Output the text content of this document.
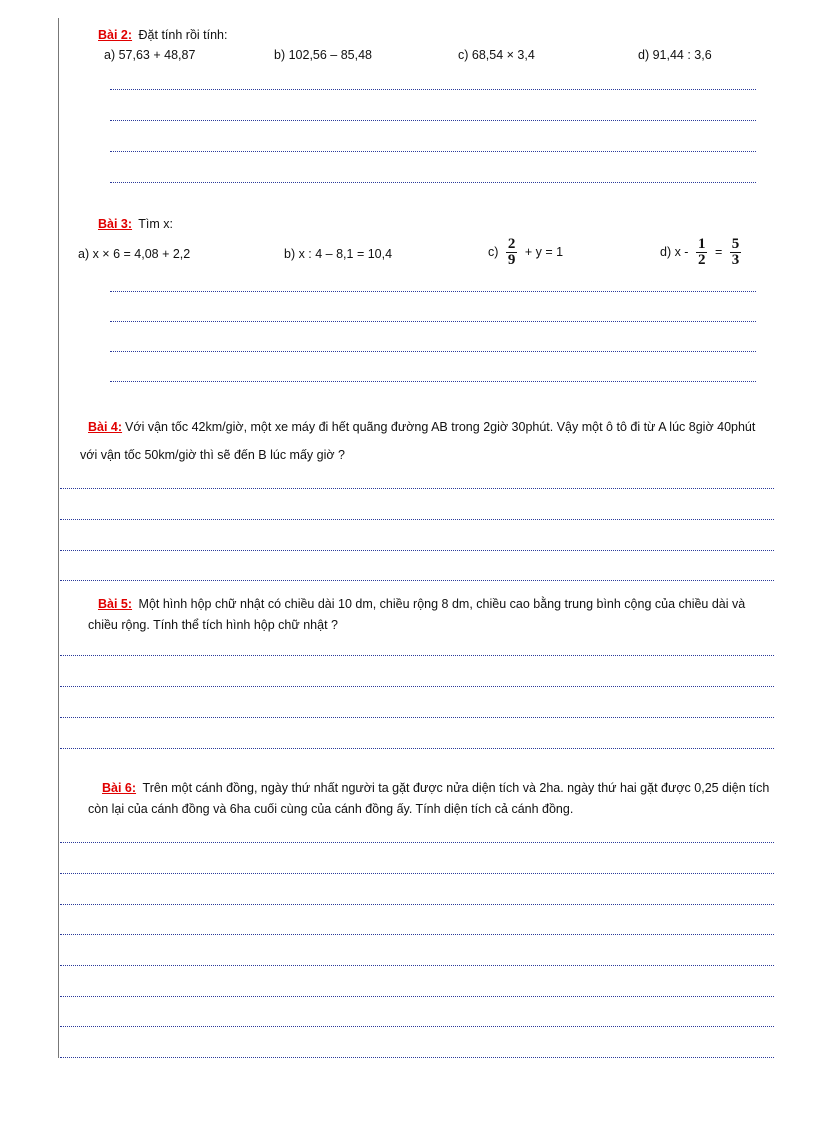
Bài 2: Đặt tính rồi tính:
a) 57,63 + 48,87	b) 102,56 – 85,48	c) 68,54 × 3,4	d) 91,44 : 3,6
Bài 3: Tìm x:
a) x × 6 = 4,08 + 2,2	b) x : 4 – 8,1 = 10,4	$c) \frac{2}{9} + y = 1$	d) $x - \frac{1}{2} = \frac{5}{3}$
Bài 4: Với vận tốc 42km/giờ, một xe máy đi hết quãng đường AB trong 2giờ 30phút. Vậy một ô tô đi từ A lúc 8giờ 40phút với vận tốc 50km/giờ thì sẽ đến B lúc mấy giờ ?
Bài 5: Một hình hộp chữ nhật có chiều dài 10 dm, chiều rộng 8 dm, chiều cao bằng trung bình cộng của chiều dài và chiều rộng. Tính thể tích hình hộp chữ nhật ?
Bài 6: Trên một cánh đồng, ngày thứ nhất người ta gặt được nửa diện tích và 2ha. ngày thứ hai gặt được 0,25 diện tích còn lại của cánh đồng và 6ha cuối cùng của cánh đồng ấy. Tính diện tích cả cánh đồng.
